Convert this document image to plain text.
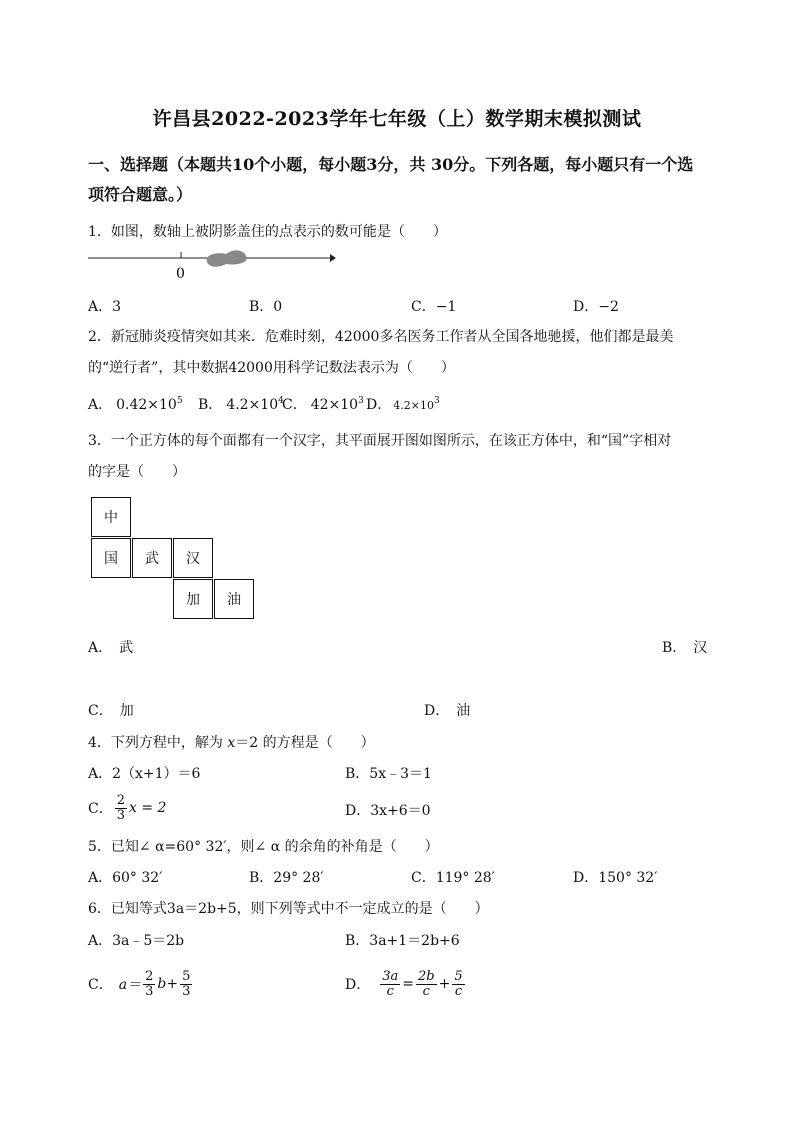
许昌县2022-2023学年七年级（上）数学期末模拟测试
一、选择题（本题共10个小题，每小题3分，共 30分。下列各题，每小题只有一个选
项符合题意。）
1．如图，数轴上被阴影盖住的点表示的数可能是（　　）
0
A．3	B．0	C．−1	D．−2
2．新冠肺炎疫情突如其来．危难时刻，42000多名医务工作者从全国各地驰援，他们都是最美
的“逆行者”，其中数据42000用科学记数法表示为（　　）
A． $0.42\times 10^5$ B． $4.2\times 10^4$
C． $42\times 10^3$ D． $4.2\times 10^3$
3．一个正方体的每个面都有一个汉字，其平面展开图如图所示，在该正方体中，和“国”字相对
的字是（　　）
中
国	武	汉
加	油
A．　武	B．　汉
C．　加	D．　油
4．下列方程中，解为 x＝2 的方程是（　　）
A．2（x+1）＝6	B．5x﹣3＝1
C． $\frac{2}{3}$ x = 2	D．3x+6＝0
5．已知∠ α=60° 32′，则∠ α 的余角的补角是（　　）
A．60° 32′	B．29° 28′	C．119° 28′	D．150° 32′
6．已知等式3a＝2b+5，则下列等式中不一定成立的是（　　）
A．3a﹣5＝2b	B．3a+1＝2b+6
C． $a= \frac{2}{3} b+ \frac{5}{3}$	D． $\frac{3a}{c} = \frac{2b}{c} + \frac{5}{c}$
